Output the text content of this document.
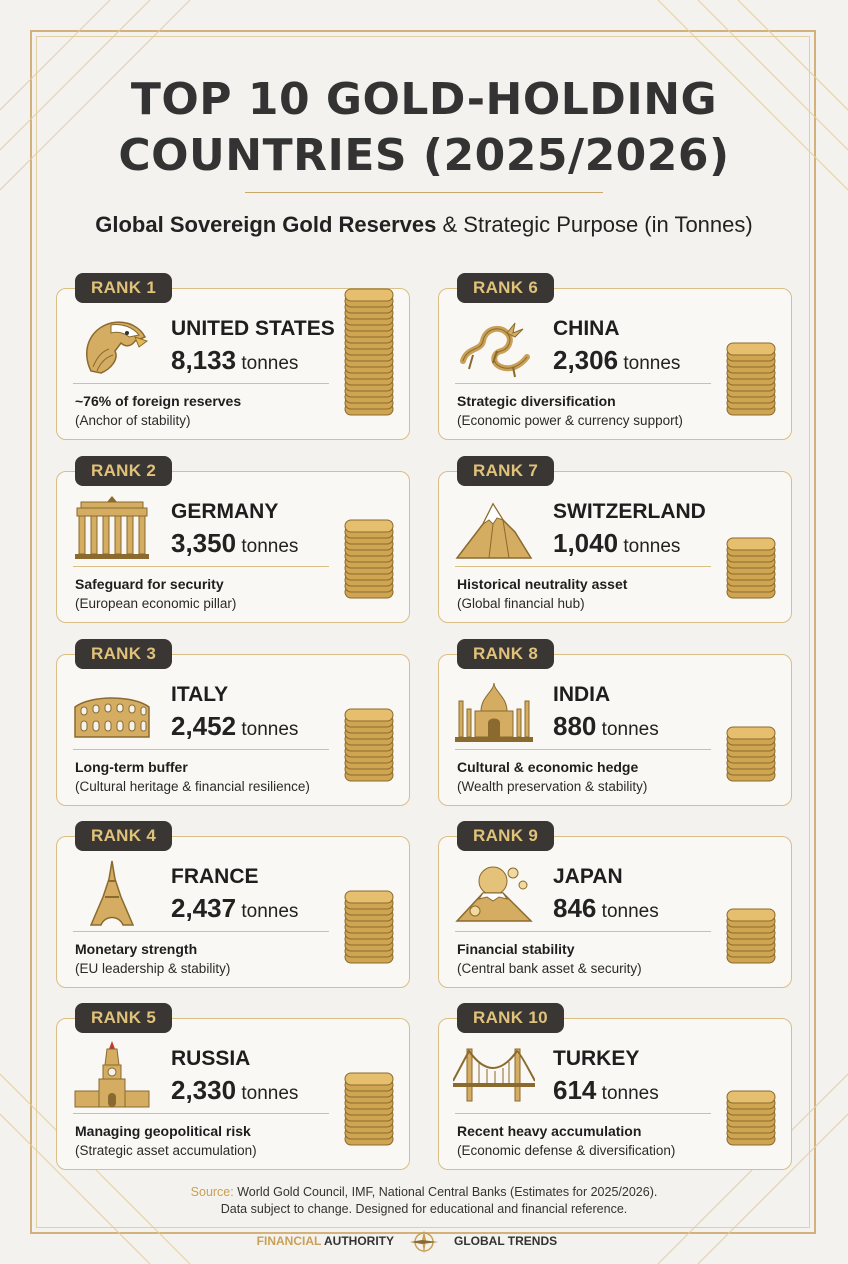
TOP 10 GOLD-HOLDING
COUNTRIES (2025/2026)
Global Sovereign Gold Reserves & Strategic Purpose (in Tonnes)
RANK 1
UNITED STATES
8,133 tonnes
~76% of foreign reserves
(Anchor of stability)
RANK 2
GERMANY
3,350 tonnes
Safeguard for security
(European economic pillar)
RANK 3
ITALY
2,452 tonnes
Long-term buffer
(Cultural heritage & financial resilience)
RANK 4
FRANCE
2,437 tonnes
Monetary strength
(EU leadership & stability)
RANK 5
RUSSIA
2,330 tonnes
Managing geopolitical risk
(Strategic asset accumulation)
RANK 6
CHINA
2,306 tonnes
Strategic diversification
(Economic power & currency support)
RANK 7
SWITZERLAND
1,040 tonnes
Historical neutrality asset
(Global financial hub)
RANK 8
INDIA
880 tonnes
Cultural & economic hedge
(Wealth preservation & stability)
RANK 9
JAPAN
846 tonnes
Financial stability
(Central bank asset & security)
RANK 10
TURKEY
614 tonnes
Recent heavy accumulation
(Economic defense & diversification)
Source: World Gold Council, IMF, National Central Banks (Estimates for 2025/2026).
Data subject to change. Designed for educational and financial reference.
FINANCIAL AUTHORITY	GLOBAL TRENDS
